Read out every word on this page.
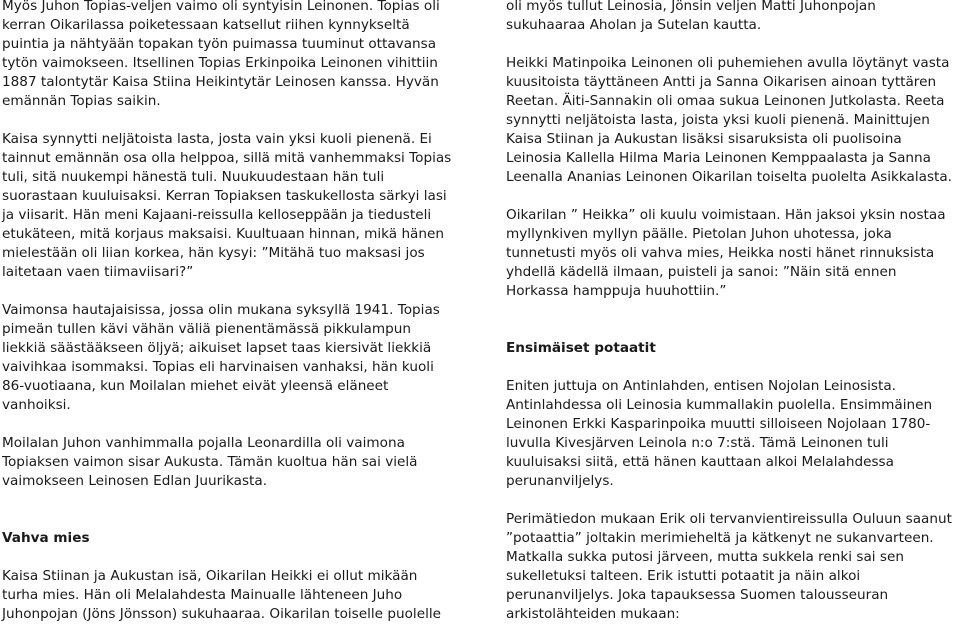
Myös Juhon Topias-veljen vaimo oli syntyisin Leinonen. Topias oli kerran Oikarilassa poiketessaan katsellut riihen kynnykseltä puintia ja nähtyään topakan työn puimassa tuuminut ottavansa tytön vaimokseen. Itsellinen Topias Erkinpoika Leinonen vihittiin 1887 talontytär Kaisa Stiina Heikintytär Leinosen kanssa. Hyvän emännän Topias saikin.

Kaisa synnytti neljätoista lasta, josta vain yksi kuoli pienenä. Ei tainnut emännän osa olla helppoa, sillä mitä vanhemmaksi Topias tuli, sitä nuukempi hänestä tuli. Nuukuudestaan hän tuli suorastaan kuuluisaksi. Kerran Topiaksen taskukellosta särkyi lasi ja viisarit. Hän meni Kajaani-reissulla kelloseppään ja tiedusteli etukäteen, mitä korjaus maksaisi. Kuultuaan hinnan, mikä hänen mielestään oli liian korkea, hän kysyi: ”Mitähä tuo maksasi jos laitetaan vaen tiimaviisari?”

Vaimonsa hautajaisissa, jossa olin mukana syksyllä 1941. Topias pimeän tullen kävi vähän väliä pienentämässä pikkulampun liekkiä säästääkseen öljyä; aikuiset lapset taas kiersivät liekkiä vaivihkaa isommaksi. Topias eli harvinaisen vanhaksi, hän kuoli 86-vuotiaana, kun Moilalan miehet eivät yleensä eläneet vanhoiksi.

Moilalan Juhon vanhimmalla pojalla Leonardilla oli vaimona Topiaksen vaimon sisar Aukusta. Tämän kuoltua hän sai vielä vaimokseen Leinosen Edlan Juurikasta.

Vahva mies

Kaisa Stiinan ja Aukustan isä, Oikarilan Heikki ei ollut mikään turha mies. Hän oli Melalahdesta Mainualle lähteneen Juho Juhonpojan (Jöns Jönsson) sukuhaaraa. Oikarilan toiselle puolelle

oli myös tullut Leinosia, Jönsin veljen Matti Juhonpojan sukuhaaraa Aholan ja Sutelan kautta.

Heikki Matinpoika Leinonen oli puhemiehen avulla löytänyt vasta kuusitoista täyttäneen Antti ja Sanna Oikarisen ainoan tyttären Reetan. Äiti-Sannakin oli omaa sukua Leinonen Jutkolasta. Reeta synnytti neljätoista lasta, joista yksi kuoli pienenä. Mainittujen Kaisa Stiinan ja Aukustan lisäksi sisaruksista oli puolisoina Leinosia Kallella Hilma Maria Leinonen Kemppaalasta ja Sanna Leenalla Ananias Leinonen Oikarilan toiselta puolelta Asikkalasta.

Oikarilan ” Heikka” oli kuulu voimistaan. Hän jaksoi yksin nostaa myllynkiven myllyn päälle. Pietolan Juhon uhotessa, joka tunnetusti myös oli vahva mies, Heikka nosti hänet rinnuksista yhdellä kädellä ilmaan, puisteli ja sanoi: ”Näin sitä ennen Horkassa hamppuja huuhottiin.”

Ensimäiset potaatit

Eniten juttuja on Antinlahden, entisen Nojolan Leinosista. Antinlahdessa oli Leinosia kummallakin puolella. Ensimmäinen Leinonen Erkki Kasparinpoika muutti silloiseen Nojolaan 1780-luvulla Kivesjärven Leinola n:o 7:stä. Tämä Leinonen tuli kuuluisaksi siitä, että hänen kauttaan alkoi Melalahdessa perunanviljelys.

Perimätiedon mukaan Erik oli tervanvientireissulla Ouluun saanut ”potaattia” joltakin merimieheltä ja kätkenyt ne sukanvarteen. Matkalla sukka putosi järveen, mutta sukkela renki sai sen sukelletuksi talteen. Erik istutti potaatit ja näin alkoi perunanviljelys. Joka tapauksessa Suomen talousseuran arkistolähteiden mukaan:
